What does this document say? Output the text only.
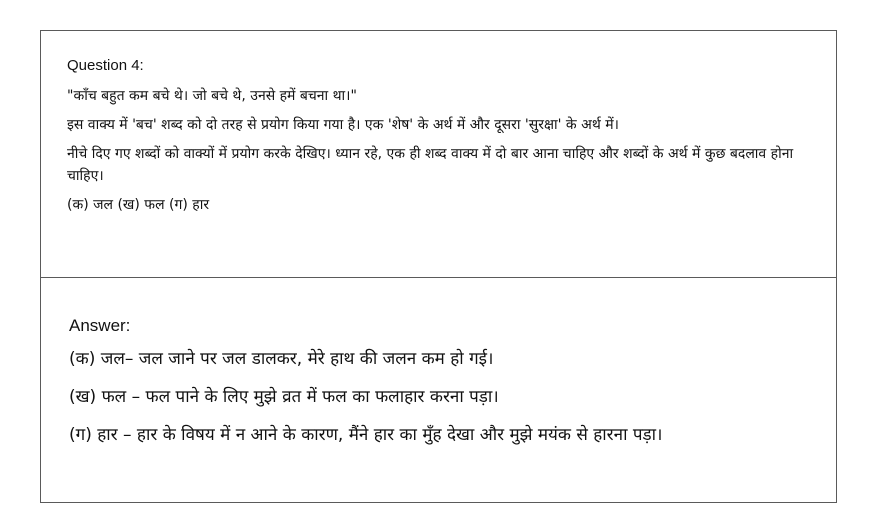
Question 4:
"काँच बहुत कम बचे थे। जो बचे थे, उनसे हमें बचना था।"
इस वाक्य में 'बच' शब्द को दो तरह से प्रयोग किया गया है। एक 'शेष' के अर्थ में और दूसरा 'सुरक्षा' के अर्थ में।
नीचे दिए गए शब्दों को वाक्यों में प्रयोग करके देखिए। ध्यान रहे, एक ही शब्द वाक्य में दो बार आना चाहिए और शब्दों के अर्थ में कुछ बदलाव होना चाहिए।
(क) जल (ख) फल (ग) हार
Answer:
(क) जल– जल जाने पर जल डालकर, मेरे हाथ की जलन कम हो गई।
(ख) फल – फल पाने के लिए मुझे व्रत में फल का फलाहार करना पड़ा।
(ग) हार – हार के विषय में न आने के कारण, मैंने हार का मुँह देखा और मुझे मयंक से हारना पड़ा।
